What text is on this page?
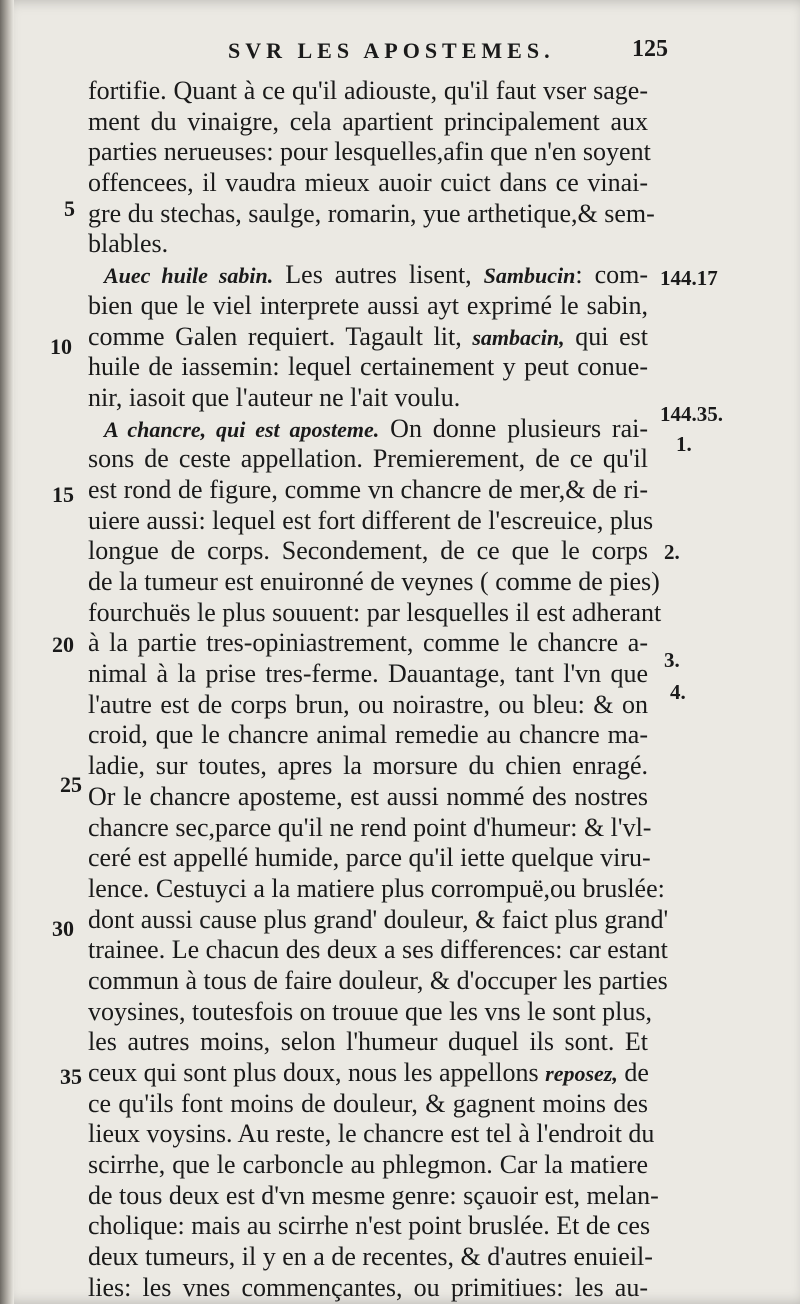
SVR LES APOSTEMES.	125
fortifie. Quant à ce qu'il adiouste, qu'il faut vser sage-
ment du vinaigre, cela apartient principalement aux
parties nerueuses: pour lesquelles,afin que n'en soyent
offencees, il vaudra mieux auoir cuict dans ce vinai-
gre du stechas, saulge, romarin, yue arthetique,& sem-
blables.
Auec huile sabin. Les autres lisent, Sambucin: com-
bien que le viel interprete aussi ayt exprimé le sabin,
comme Galen requiert. Tagault lit, sambacin, qui est
huile de iassemin: lequel certainement y peut conue-
nir, iasoit que l'auteur ne l'ait voulu.
A chancre, qui est aposteme. On donne plusieurs rai-
sons de ceste appellation. Premierement, de ce qu'il
est rond de figure, comme vn chancre de mer,& de ri-
uiere aussi: lequel est fort different de l'escreuice, plus
longue de corps. Secondement, de ce que le corps
de la tumeur est enuironné de veynes ( comme de pies)
fourchuës le plus souuent: par lesquelles il est adherant
à la partie tres-opiniastrement, comme le chancre a-
nimal à la prise tres-ferme. Dauantage, tant l'vn que
l'autre est de corps brun, ou noirastre, ou bleu: & on
croid, que le chancre animal remedie au chancre ma-
ladie, sur toutes, apres la morsure du chien enragé.
Or le chancre aposteme, est aussi nommé des nostres
chancre sec,parce qu'il ne rend point d'humeur: & l'vl-
ceré est appellé humide, parce qu'il iette quelque viru-
lence. Cestuyci a la matiere plus corrompuë,ou bruslée:
dont aussi cause plus grand' douleur, & faict plus grand'
trainee. Le chacun des deux a ses differences: car estant
commun à tous de faire douleur, & d'occuper les parties
voysines, toutesfois on trouue que les vns le sont plus,
les autres moins, selon l'humeur duquel ils sont. Et
ceux qui sont plus doux, nous les appellons reposez, de
ce qu'ils font moins de douleur, & gagnent moins des
lieux voysins. Au reste, le chancre est tel à l'endroit du
scirrhe, que le carboncle au phlegmon. Car la matiere
de tous deux est d'vn mesme genre: sçauoir est, melan-
cholique: mais au scirrhe n'est point bruslée. Et de ces
deux tumeurs, il y en a de recentes, & d'autres enuieil-
lies: les vnes commençantes, ou primitiues: les au-
5
10
15
20
25
30
35
144.17
144.35.
1.
2.
3.
4.
